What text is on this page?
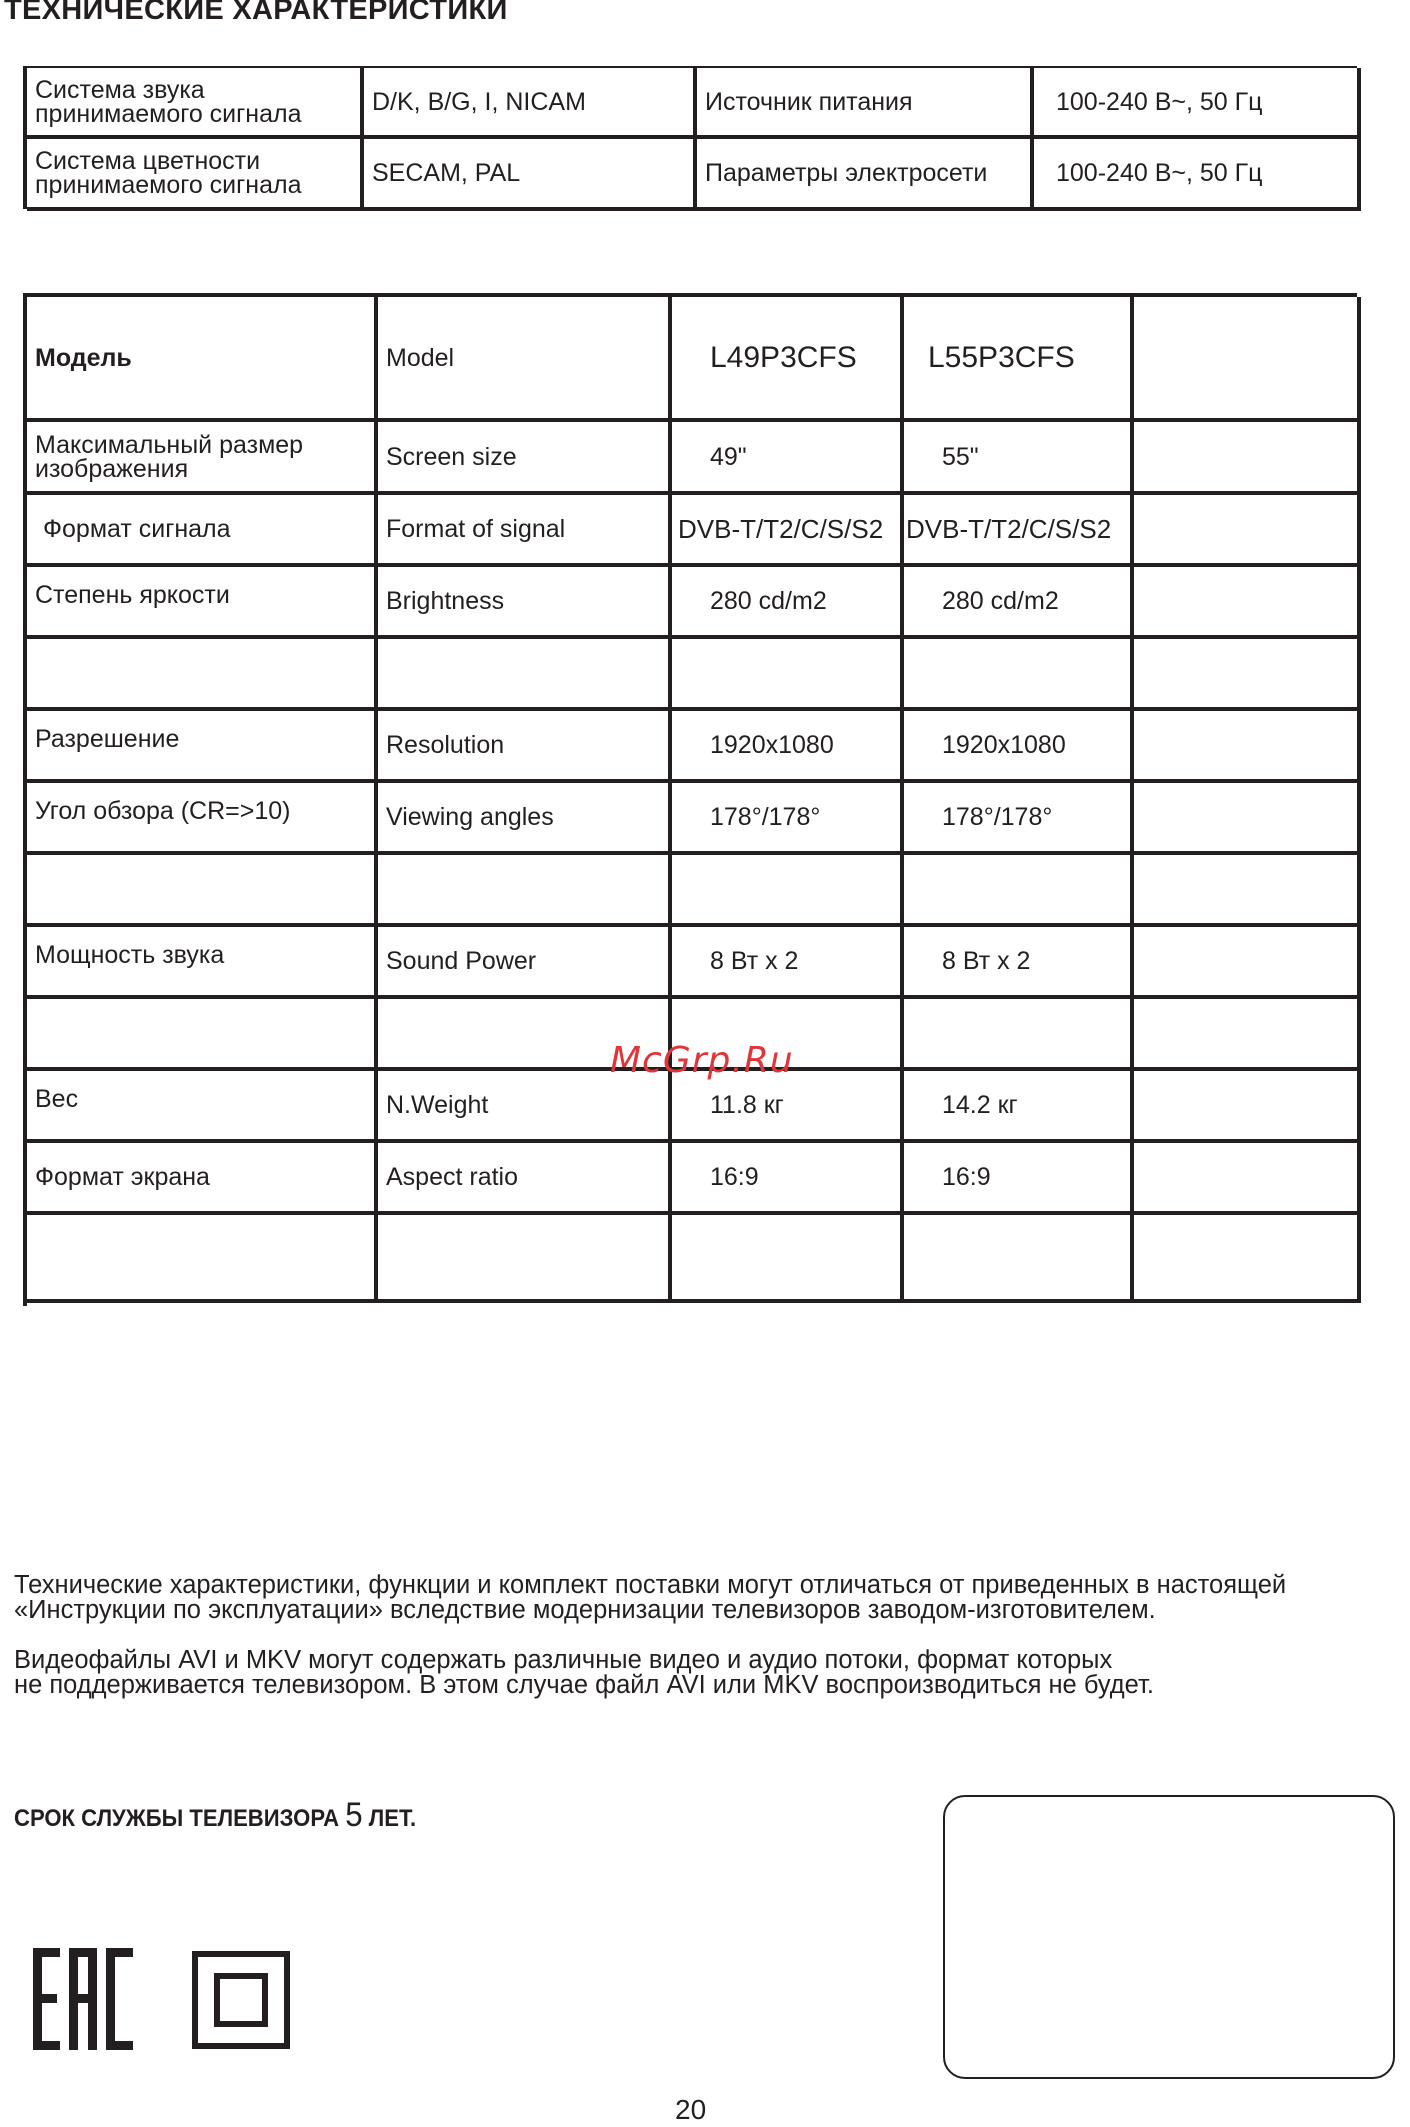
ТЕХНИЧЕСКИЕ ХАРАКТЕРИСТИКИ
Система звука принимаемого сигнала	D/K, B/G, I, NICAM	Источник питания	100-240 В~, 50 Гц
Система цветности принимаемого сигнала	SECAM, PAL	Параметры электросети	100-240 В~, 50 Гц
Модель	Model	L49P3CFS	L55P3CFS
Максимальный размер изображения	Screen size	49"	55"
Формат сигнала	Format of signal	DVB-T/T2/C/S/S2 DVB-T/T2/C/S/S2
Степень яркости	Brightness	280 cd/m2	280 cd/m2
Разрешение	Resolution	1920x1080	1920x1080
Угол обзора (CR=>10)	Viewing angles	178°/178°	178°/178°
Мощность звука	Sound Power	8 Вт x 2	8 Вт x 2
Вес	N.Weight	11.8 кг	14.2 кг
Формат экрана	Aspect ratio	16:9	16:9
McGrp.Ru
Технические характеристики, функции и комплект поставки могут отличаться от приведенных в настоящей
«Инструкции по эксплуатации» вследствие модернизации телевизоров заводом-изготовителем.
Видеофайлы AVI и MKV могут содержать различные видео и аудио потоки, формат которых
не поддерживается телевизором. В этом случае файл AVI или MKV воспроизводиться не будет.
СРОК СЛУЖБЫ ТЕЛЕВИЗОРА 5 ЛЕТ.
20
